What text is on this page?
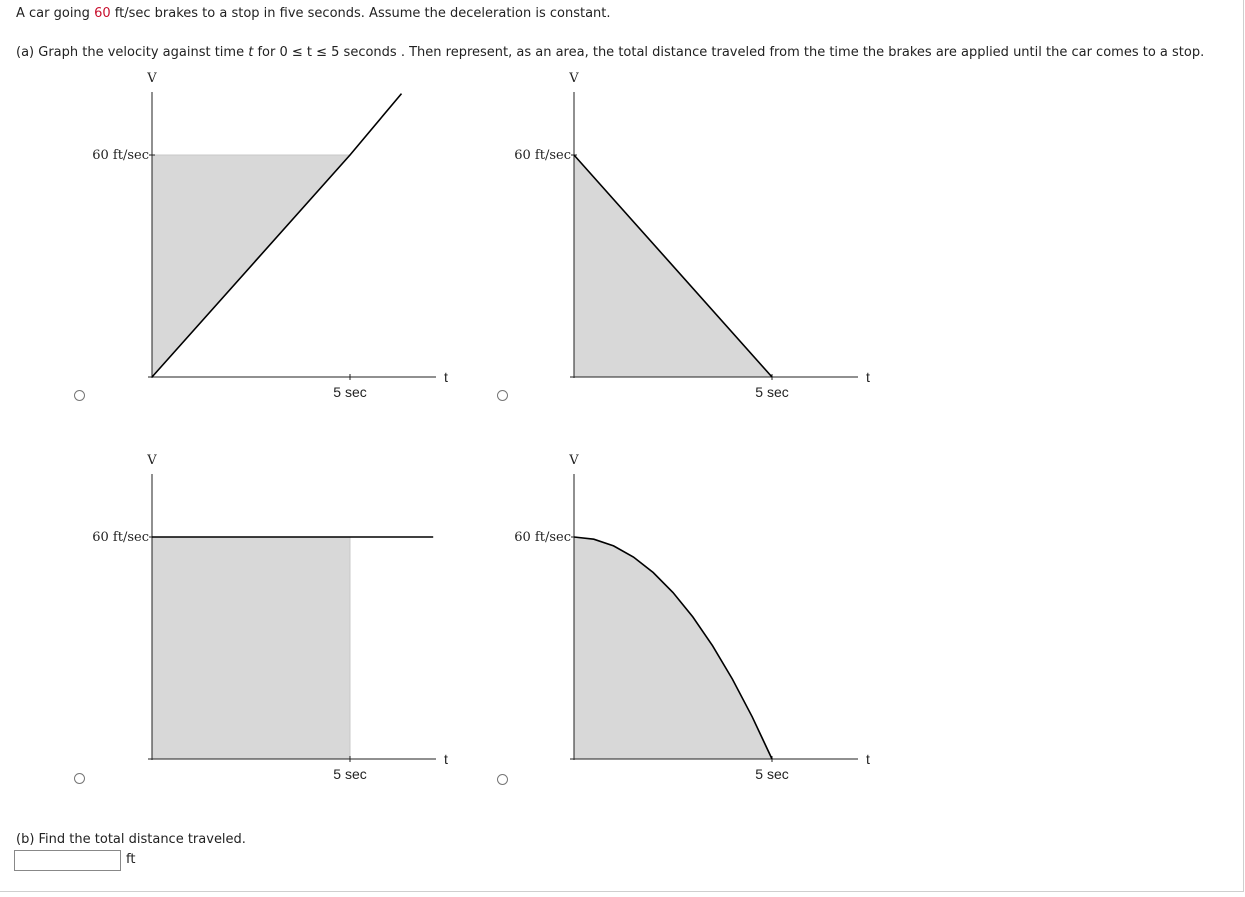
A car going 60 ft/sec brakes to a stop in five seconds. Assume the deceleration is constant.
(a) Graph the velocity against time t for 0 ≤ t ≤ 5 seconds . Then represent, as an area, the total distance traveled from the time the brakes are applied until the car comes to a stop.
V
60 ft/sec
5 sec
t
V
60 ft/sec
5 sec
t
V
60 ft/sec
5 sec
t
V
60 ft/sec
5 sec
t
(b) Find the total distance traveled.
ft
